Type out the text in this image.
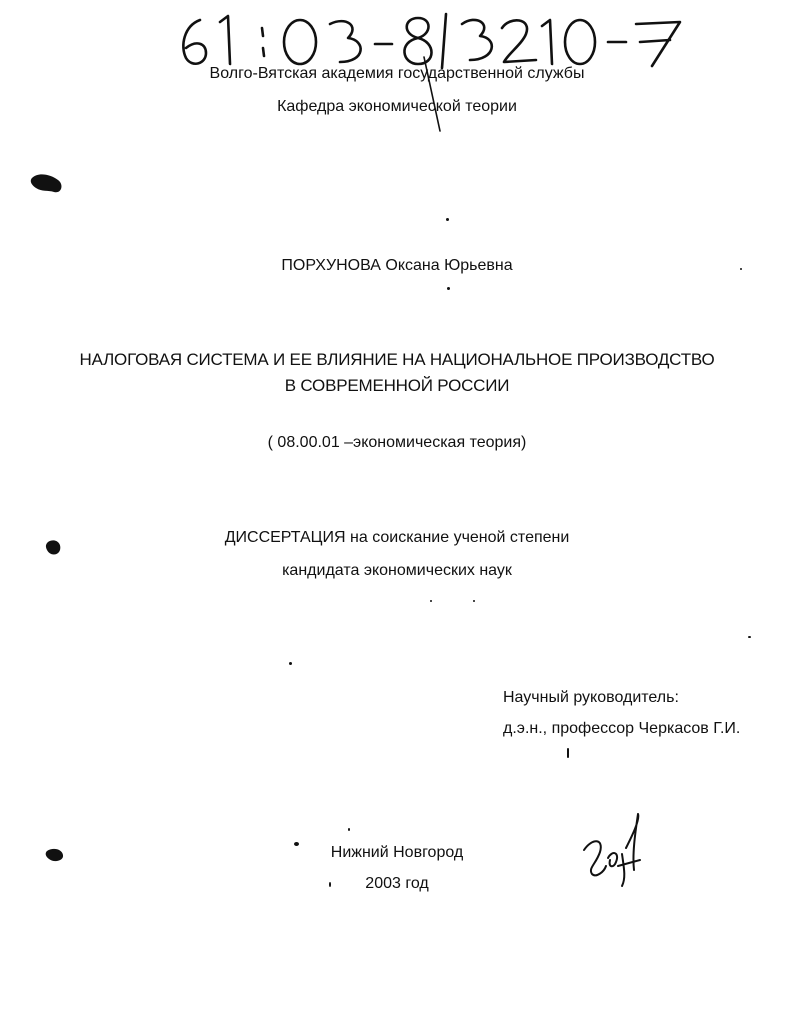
Волго-Вятская академия государственной службы
Кафедра экономической теории
ПОРХУНОВА Оксана Юрьевна
НАЛОГОВАЯ СИСТЕМА И ЕЕ ВЛИЯНИЕ НА НАЦИОНАЛЬНОЕ ПРОИЗВОДСТВО
В СОВРЕМЕННОЙ РОССИИ
( 08.00.01 –экономическая теория)
ДИССЕРТАЦИЯ на соискание ученой степени
кандидата экономических наук
Научный руководитель:
д.э.н., профессор Черкасов Г.И.
Нижний Новгород
2003 год
